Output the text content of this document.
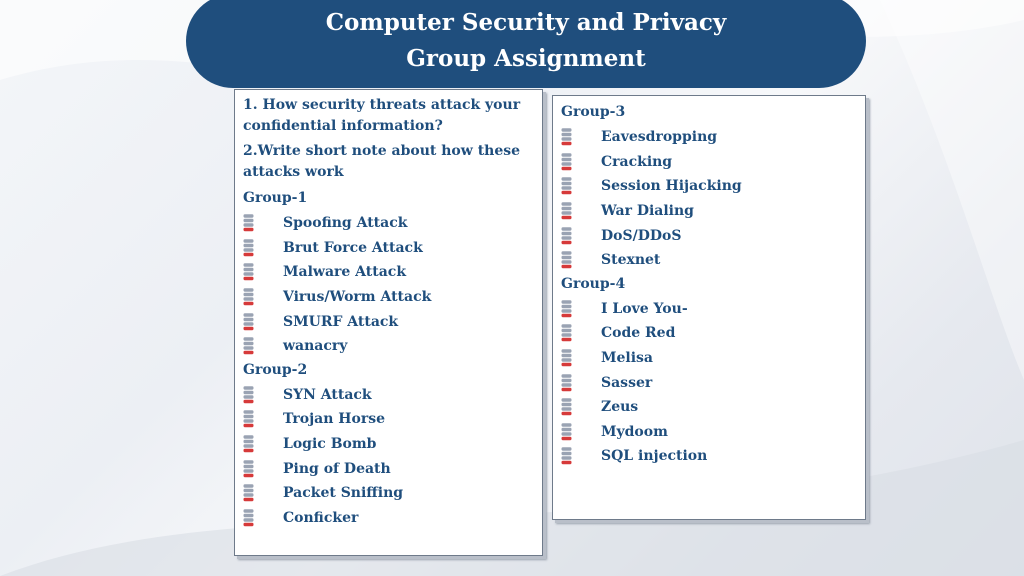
Computer Security and Privacy
Group Assignment
1. How security threats attack your confidential information?
2.Write short note about how these attacks work
Group-1
Spoofing Attack
Brut Force Attack
Malware Attack
Virus/Worm Attack
SMURF Attack
wanacry
Group-2
SYN Attack
Trojan Horse
Logic Bomb
Ping of Death
Packet Sniffing
Conficker
Group-3
Eavesdropping
Cracking
Session Hijacking
War Dialing
DoS/DDoS
Stexnet
Group-4
I Love You-
Code Red
Melisa
Sasser
Zeus
Mydoom
SQL injection
